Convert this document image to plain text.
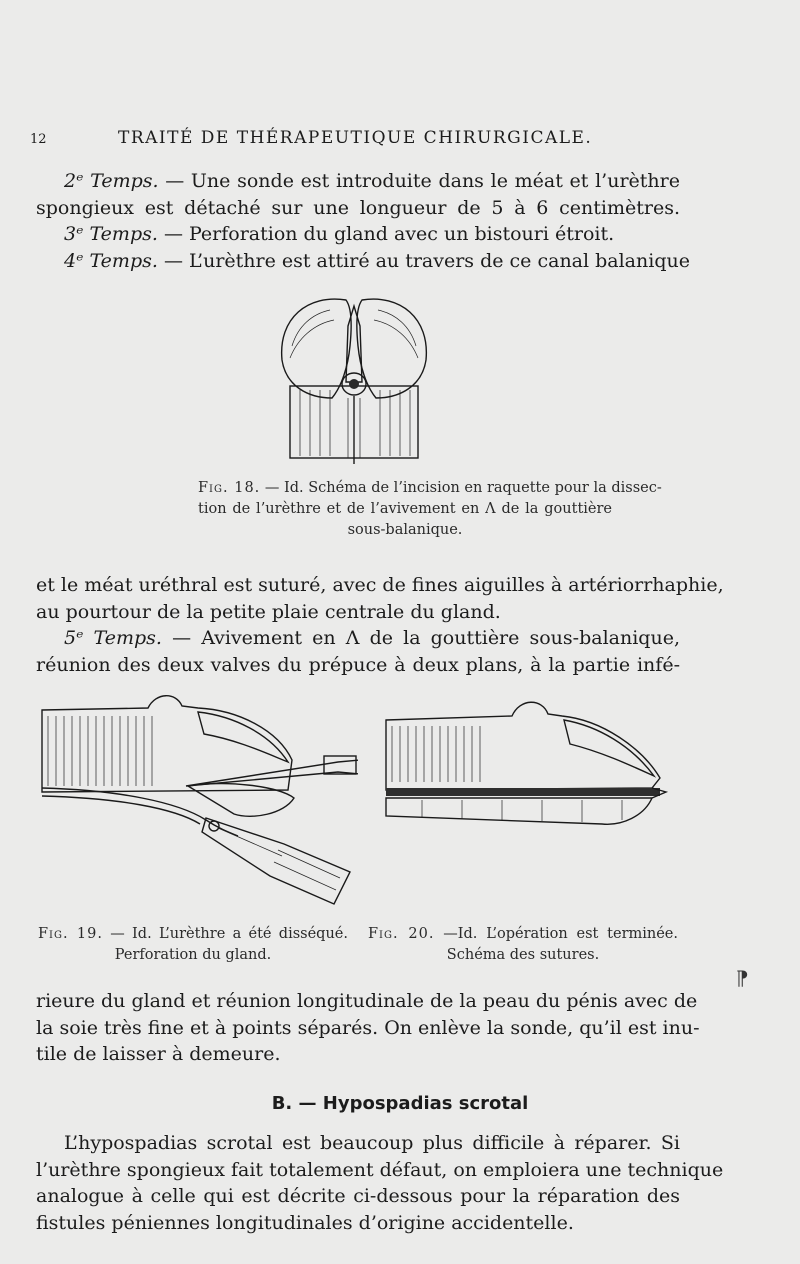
12	TRAITÉ DE THÉRAPEUTIQUE CHIRURGICALE.
2ᵉ Temps. — Une sonde est introduite dans le méat et l’urèthre
spongieux est détaché sur une longueur de 5 à 6 centimètres.
3ᵉ Temps. — Perforation du gland avec un bistouri étroit.
4ᵉ Temps. — L’urèthre est attiré au travers de ce canal balanique
Fig. 18. — Id. Schéma de l’incision en raquette pour la dissec-
tion de l’urèthre et de l’avivement en Λ de la gouttière
sous-balanique.
et le méat uréthral est suturé, avec de fines aiguilles à artériorrhaphie,
au pourtour de la petite plaie centrale du gland.
5ᵉ Temps. — Avivement en Λ de la gouttière sous-balanique,
réunion des deux valves du prépuce à deux plans, à la partie infé-
Fig. 19. — Id. L’urèthre a été disséqué.
Perforation du gland.
Fig. 20. —Id. L’opération est terminée.
Schéma des sutures.
⁋
rieure du gland et réunion longitudinale de la peau du pénis avec de
la soie très fine et à points séparés. On enlève la sonde, qu’il est inu-
tile de laisser à demeure.
B. — Hypospadias scrotal
L’hypospadias scrotal est beaucoup plus difficile à réparer. Si
l’urèthre spongieux fait totalement défaut, on emploiera une technique
analogue à celle qui est décrite ci-dessous pour la réparation des
fistules péniennes longitudinales d’origine accidentelle.
